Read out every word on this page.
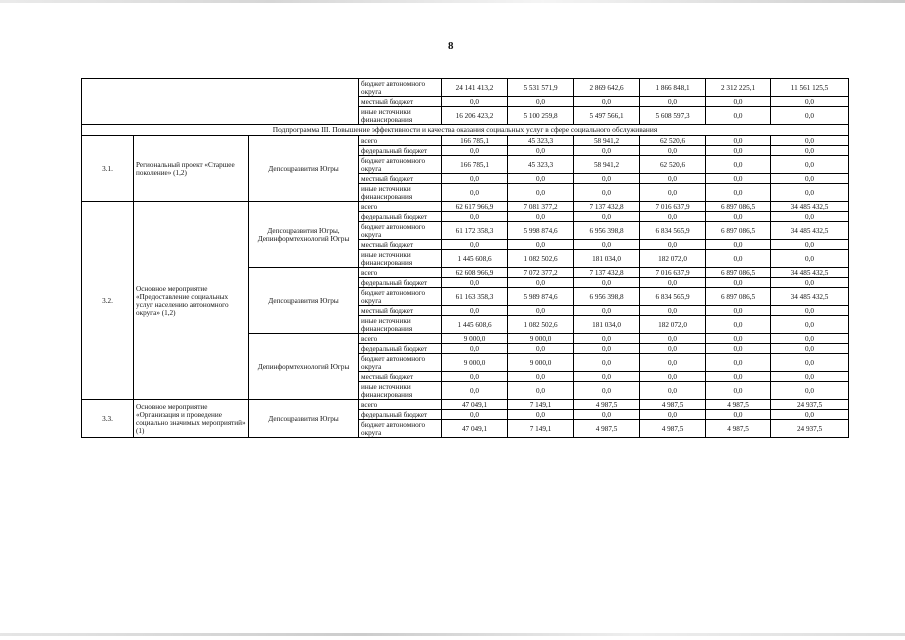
8
			бюджет автономного округа	24 141 413,2	5 531 571,9	2 869 642,6	1 866 848,1	2 312 225,1	11 561 125,5
			местный бюджет	0,0	0,0	0,0	0,0	0,0	0,0
			иные источники финансирования	16 206 423,2	5 100 259,8	5 497 566,1	5 608 597,3	0,0	0,0
Подпрограмма III. Повышение эффективности и качества оказания социальных услуг в сфере социального обслуживания									
3.1.	Региональный проект «Старшее поколение» (1,2)	Депсоцразвития Югры	всего	166 785,1	45 323,3	58 941,2	62 520,6	0,0	0,0
			федеральный бюджет	0,0	0,0	0,0	0,0	0,0	0,0
			бюджет автономного округа	166 785,1	45 323,3	58 941,2	62 520,6	0,0	0,0
			местный бюджет	0,0	0,0	0,0	0,0	0,0	0,0
			иные источники финансирования	0,0	0,0	0,0	0,0	0,0	0,0
3.2.	Основное мероприятие «Предоставление социальных услуг населению автономного округа» (1,2)	Депсоцразвития Югры, Депинформтехнологий Югры	всего	62 617 966,9	7 081 377,2	7 137 432,8	7 016 637,9	6 897 086,5	34 485 432,5
			федеральный бюджет	0,0	0,0	0,0	0,0	0,0	0,0
			бюджет автономного округа	61 172 358,3	5 998 874,6	6 956 398,8	6 834 565,9	6 897 086,5	34 485 432,5
			местный бюджет	0,0	0,0	0,0	0,0	0,0	0,0
			иные источники финансирования	1 445 608,6	1 082 502,6	181 034,0	182 072,0	0,0	0,0
		Депсоцразвития Югры	всего	62 608 966,9	7 072 377,2	7 137 432,8	7 016 637,9	6 897 086,5	34 485 432,5
			федеральный бюджет	0,0	0,0	0,0	0,0	0,0	0,0
			бюджет автономного округа	61 163 358,3	5 989 874,6	6 956 398,8	6 834 565,9	6 897 086,5	34 485 432,5
			местный бюджет	0,0	0,0	0,0	0,0	0,0	0,0
			иные источники финансирования	1 445 608,6	1 082 502,6	181 034,0	182 072,0	0,0	0,0
		Депинформтехнологий Югры	всего	9 000,0	9 000,0	0,0	0,0	0,0	0,0
			федеральный бюджет	0,0	0,0	0,0	0,0	0,0	0,0
			бюджет автономного округа	9 000,0	9 000,0	0,0	0,0	0,0	0,0
			местный бюджет	0,0	0,0	0,0	0,0	0,0	0,0
			иные источники финансирования	0,0	0,0	0,0	0,0	0,0	0,0
3.3.	Основное мероприятие «Организация и проведение социально значимых мероприятий» (1)	Депсоцразвития Югры	всего	47 049,1	7 149,1	4 987,5	4 987,5	4 987,5	24 937,5
			федеральный бюджет	0,0	0,0	0,0	0,0	0,0	0,0
			бюджет автономного округа	47 049,1	7 149,1	4 987,5	4 987,5	4 987,5	24 937,5
